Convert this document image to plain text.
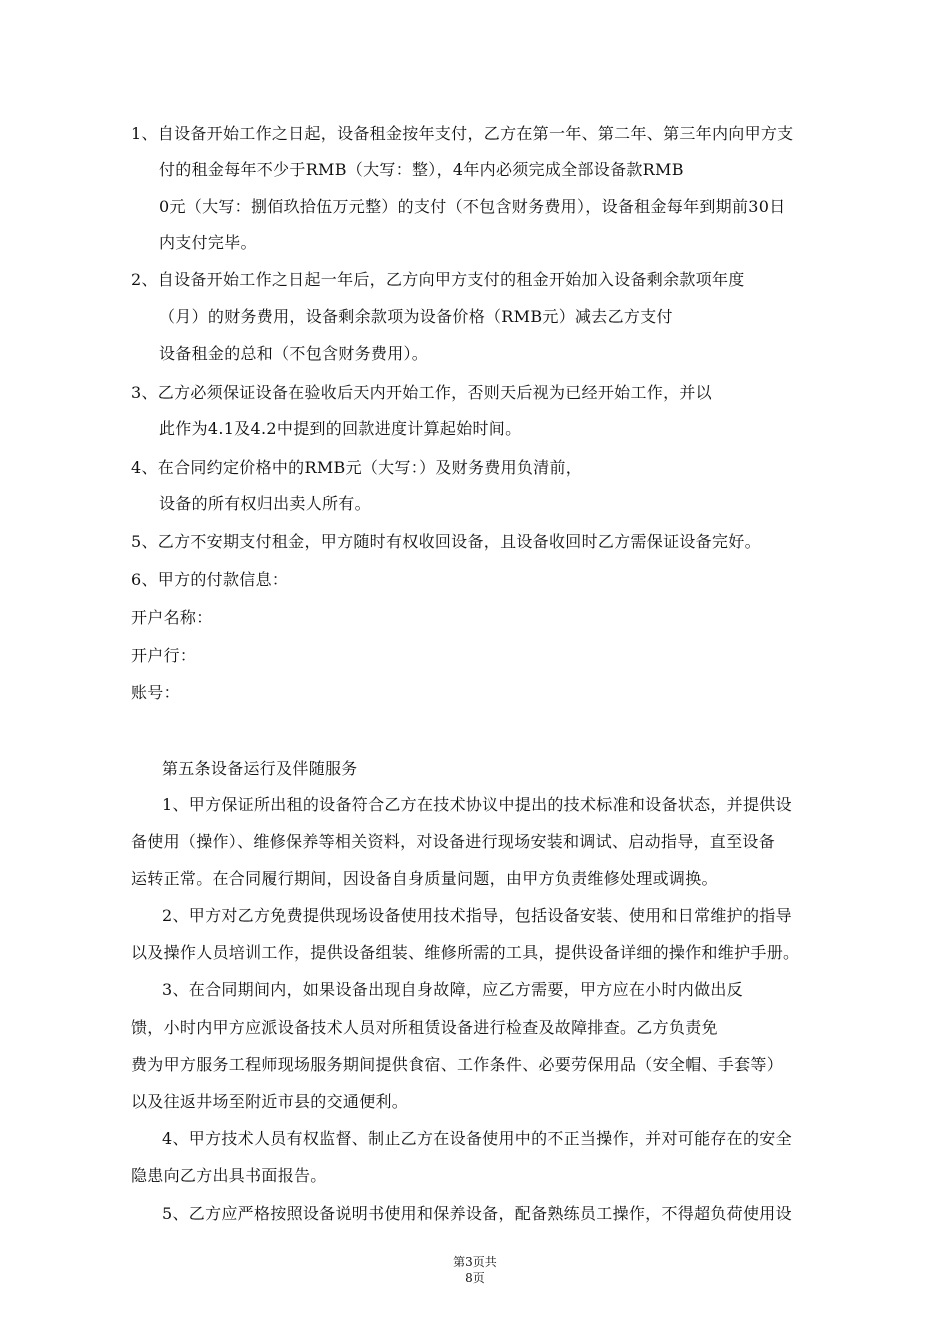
1、自设备开始工作之日起，设备租金按年支付，乙方在第一年、第二年、第三年内向甲方支
付的租金每年不少于RMB（大写：整），4年内必须完成全部设备款RMB
0元（大写：捌佰玖拾伍万元整）的支付（不包含财务费用），设备租金每年到期前30日
内支付完毕。
2、自设备开始工作之日起一年后，乙方向甲方支付的租金开始加入设备剩余款项年度
（月）的财务费用，设备剩余款项为设备价格（RMB元）减去乙方支付
设备租金的总和（不包含财务费用）。
3、乙方必须保证设备在验收后天内开始工作，否则天后视为已经开始工作，并以
此作为4.1及4.2中提到的回款进度计算起始时间。
4、在合同约定价格中的RMB元（大写：）及财务费用负清前，
设备的所有权归出卖人所有。
5、乙方不安期支付租金，甲方随时有权收回设备，且设备收回时乙方需保证设备完好。
6、甲方的付款信息：
开户名称：
开户行：
账号：
第五条设备运行及伴随服务
1、甲方保证所出租的设备符合乙方在技术协议中提出的技术标准和设备状态，并提供设
备使用（操作）、维修保养等相关资料，对设备进行现场安装和调试、启动指导，直至设备
运转正常。在合同履行期间，因设备自身质量问题，由甲方负责维修处理或调换。
2、甲方对乙方免费提供现场设备使用技术指导，包括设备安装、使用和日常维护的指导
以及操作人员培训工作，提供设备组装、维修所需的工具，提供设备详细的操作和维护手册。
3、在合同期间内，如果设备出现自身故障，应乙方需要，甲方应在小时内做出反
馈，小时内甲方应派设备技术人员对所租赁设备进行检查及故障排查。乙方负责免
费为甲方服务工程师现场服务期间提供食宿、工作条件、必要劳保用品（安全帽、手套等）
以及往返井场至附近市县的交通便利。
4、甲方技术人员有权监督、制止乙方在设备使用中的不正当操作，并对可能存在的安全
隐患向乙方出具书面报告。
5、乙方应严格按照设备说明书使用和保养设备，配备熟练员工操作，不得超负荷使用设
第3页共
8页
